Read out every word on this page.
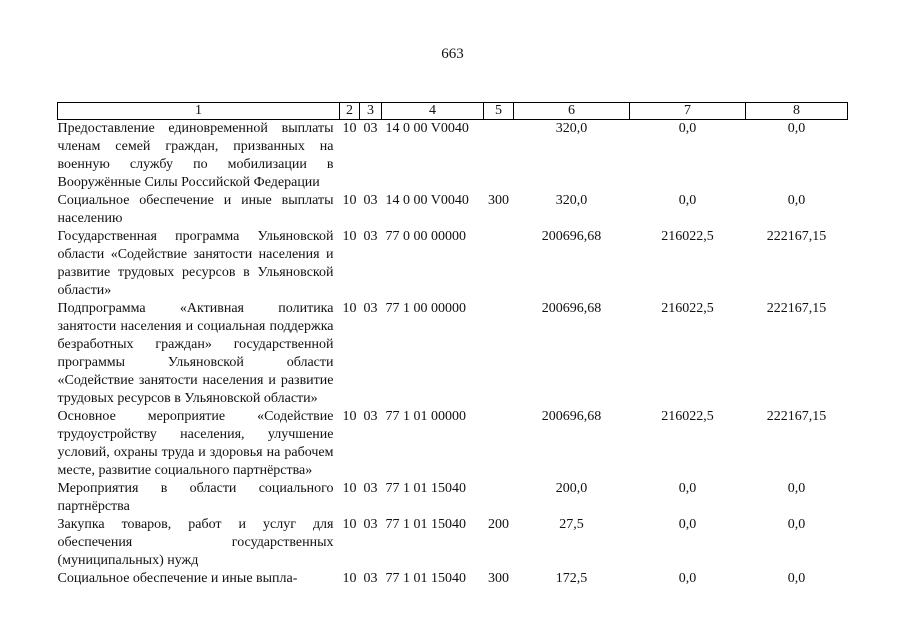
663
1	2	3	4	5	6	7	8
Предоставление единовременной выплаты членам семей граждан, призванных на военную службу по мобилизации в Вооружённые Силы Российской Федерации	10	03	14 0 00 V0040		320,0	0,0	0,0
Социальное обеспечение и иные выплаты населению	10	03	14 0 00 V0040	300	320,0	0,0	0,0
Государственная программа Ульяновской области «Содействие занятости населения и развитие трудовых ресурсов в Ульяновской области»	10	03	77 0 00 00000		200696,68	216022,5	222167,15
Подпрограмма «Активная политика занятости населения и социальная поддержка безработных граждан» государственной программы Ульяновской области «Содействие занятости населения и развитие трудовых ресурсов в Ульяновской области»	10	03	77 1 00 00000		200696,68	216022,5	222167,15
Основное мероприятие «Содействие трудоустройству населения, улучшение условий, охраны труда и здоровья на рабочем месте, развитие социального партнёрства»	10	03	77 1 01 00000		200696,68	216022,5	222167,15
Мероприятия в области социального партнёрства	10	03	77 1 01 15040		200,0	0,0	0,0
Закупка товаров, работ и услуг для обеспечения государственных (муниципальных) нужд	10	03	77 1 01 15040	200	27,5	0,0	0,0
Социальное обеспечение и иные выпла-	10	03	77 1 01 15040	300	172,5	0,0	0,0
